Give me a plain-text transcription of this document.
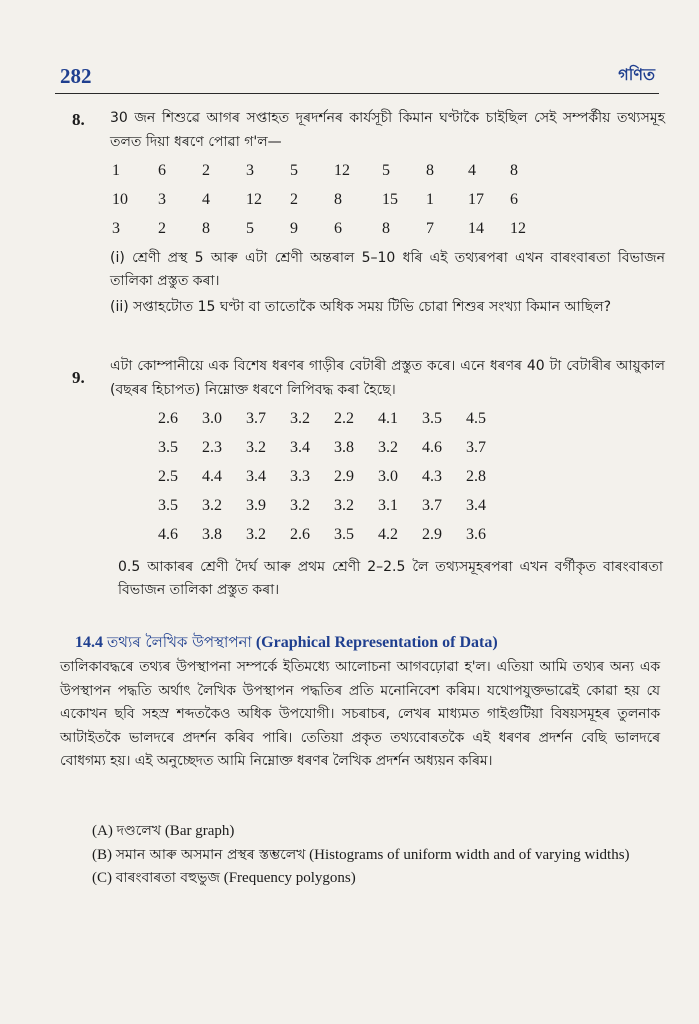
282	গণিত
8. 30 জন শিশুৱে আগৰ সপ্তাহত দূৰদৰ্শনৰ কাৰ্যসূচী কিমান ঘণ্টাকৈ চাইছিল সেই সম্পৰ্কীয় তথ্যসমূহ তলত দিয়া ধৰণে পোৱা গ'ল—

1 6 2 3 5 12 5 8 4 8
10 3 4 12 2 8	15 1 17 6
3 2 8 5 9 6	8 7 14 12

(i) শ্ৰেণী প্ৰস্থ 5 আৰু এটা শ্ৰেণী অন্তৰাল 5–10 ধৰি এই তথ্যৰপৰা এখন বাৰংবাৰতা বিভাজন তালিকা প্ৰস্তুত কৰা।

(ii) সপ্তাহটোত 15 ঘণ্টা বা তাতোকৈ অধিক সময় টিভি চোৱা শিশুৰ সংখ্যা কিমান আছিল?

9.

এটা কোম্পানীয়ে এক বিশেষ ধৰণৰ গাড়ীৰ বেটাৰী প্ৰস্তুত কৰে। এনে ধৰণৰ 40 টা বেটাৰীৰ আয়ুকাল (বছৰৰ হিচাপত) নিম্নোক্ত ধৰণে লিপিবদ্ধ কৰা হৈছে।

2.6 3.0 3.7 3.2 2.2 4.1 3.5 4.5
3.5 2.3 3.2 3.4 3.8 3.2 4.6 3.7
2.5 4.4 3.4 3.3 2.9 3.0 4.3 2.8
3.5 3.2 3.9 3.2 3.2 3.1 3.7 3.4
4.6 3.8 3.2 2.6 3.5 4.2 2.9 3.6

0.5 আকাৰৰ শ্ৰেণী দৈৰ্ঘ আৰু প্ৰথম শ্ৰেণী 2–2.5 লৈ তথ্যসমূহৰপৰা এখন বৰ্গীকৃত বাৰংবাৰতা বিভাজন তালিকা প্ৰস্তুত কৰা।

14.4 তথ্যৰ লৈখিক উপস্থাপনা (Graphical Representation of Data)

তালিকাবদ্ধৰে তথ্যৰ উপস্থাপনা সম্পৰ্কে ইতিমধ্যে আলোচনা আগবঢ়োৱা হ'ল। এতিয়া আমি তথ্যৰ অন্য এক উপস্থাপন পদ্ধতি অৰ্থাৎ লৈখিক উপস্থাপন পদ্ধতিৰ প্ৰতি মনোনিবেশ কৰিম। যথোপযুক্তভাৱেই কোৱা হয় যে একোখন ছবি সহস্ৰ শব্দতকৈও অধিক উপযোগী। সচৰাচৰ, লেখৰ মাধ্যমত গাইগুটিয়া বিষয়সমূহৰ তুলনাক আটাইতকৈ ভালদৰে প্ৰদৰ্শন কৰিব পাৰি। তেতিয়া প্ৰকৃত তথ্যবোৰতকৈ এই ধৰণৰ প্ৰদৰ্শন বেছি ভালদৰে বোধগম্য হয়। এই অনুচ্ছেদত আমি নিম্নোক্ত ধৰণৰ লৈখিক প্ৰদৰ্শন অধ্যয়ন কৰিম।

(A) দণ্ডলেখ (Bar graph)
(B) সমান আৰু অসমান প্ৰস্থৰ স্তম্ভলেখ (Histograms of uniform width and of varying widths)
(C) বাৰংবাৰতা বহুভুজ (Frequency polygons)
